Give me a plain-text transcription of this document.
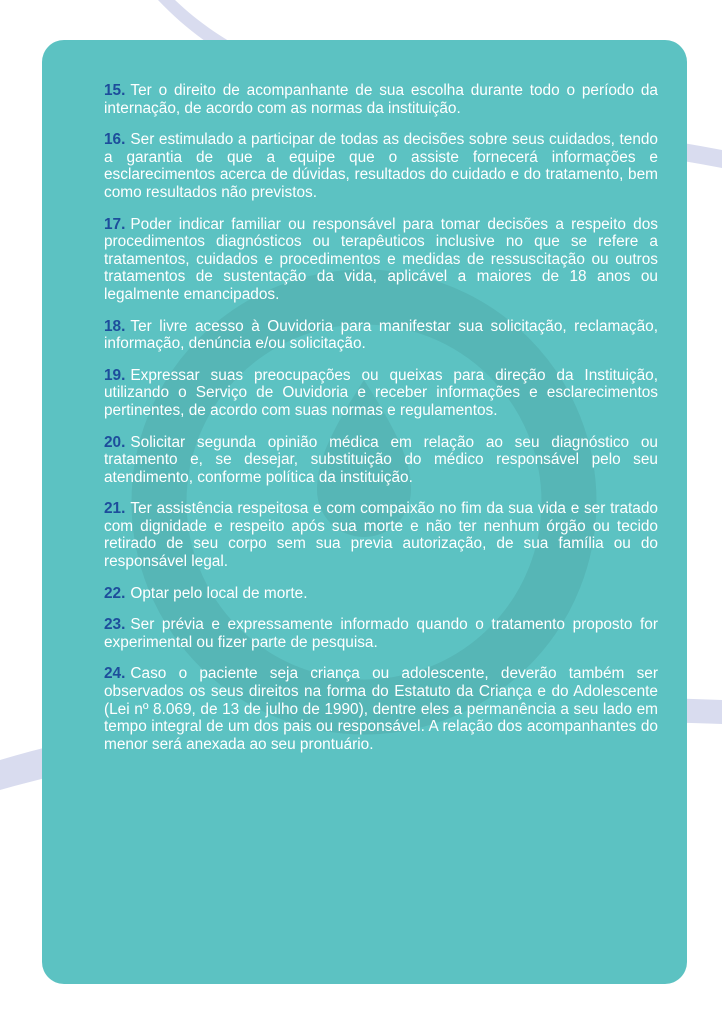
15. Ter o direito de acompanhante de sua escolha durante todo o período da internação, de acordo com as normas da instituição.

16. Ser estimulado a participar de todas as decisões sobre seus cuidados, tendo a garantia de que a equipe que o assiste fornecerá informações e esclarecimentos acerca de dúvidas, resultados do cuidado e do tratamento, bem como resultados não previstos.

17. Poder indicar familiar ou responsável para tomar decisões a respeito dos procedimentos diagnósticos ou terapêuticos inclusive no que se refere a tratamentos, cuidados e procedimentos e medidas de ressuscitação ou outros tratamentos de sustentação da vida, aplicável a maiores de 18 anos ou legalmente emancipados.

18. Ter livre acesso à Ouvidoria para manifestar sua solicitação, reclamação, informação, denúncia e/ou solicitação.

19. Expressar suas preocupações ou queixas para direção da Instituição, utilizando o Serviço de Ouvidoria e receber informações e esclarecimentos pertinentes, de acordo com suas normas e regulamentos.

20. Solicitar segunda opinião médica em relação ao seu diagnóstico ou tratamento e, se desejar, substituição do médico responsável pelo seu atendimento, conforme política da instituição.

21. Ter assistência respeitosa e com compaixão no fim da sua vida e ser tratado com dignidade e respeito após sua morte e não ter nenhum órgão ou tecido retirado de seu corpo sem sua previa autorização, de sua família ou do responsável legal.

22. Optar pelo local de morte.

23. Ser prévia e expressamente informado quando o tratamento proposto for experimental ou fizer parte de pesquisa.

24. Caso o paciente seja criança ou adolescente, deverão também ser observados os seus direitos na forma do Estatuto da Criança e do Adolescente (Lei nº 8.069, de 13 de julho de 1990), dentre eles a permanência a seu lado em tempo integral de um dos pais ou responsável. A relação dos acompanhantes do menor será anexada ao seu prontuário.
